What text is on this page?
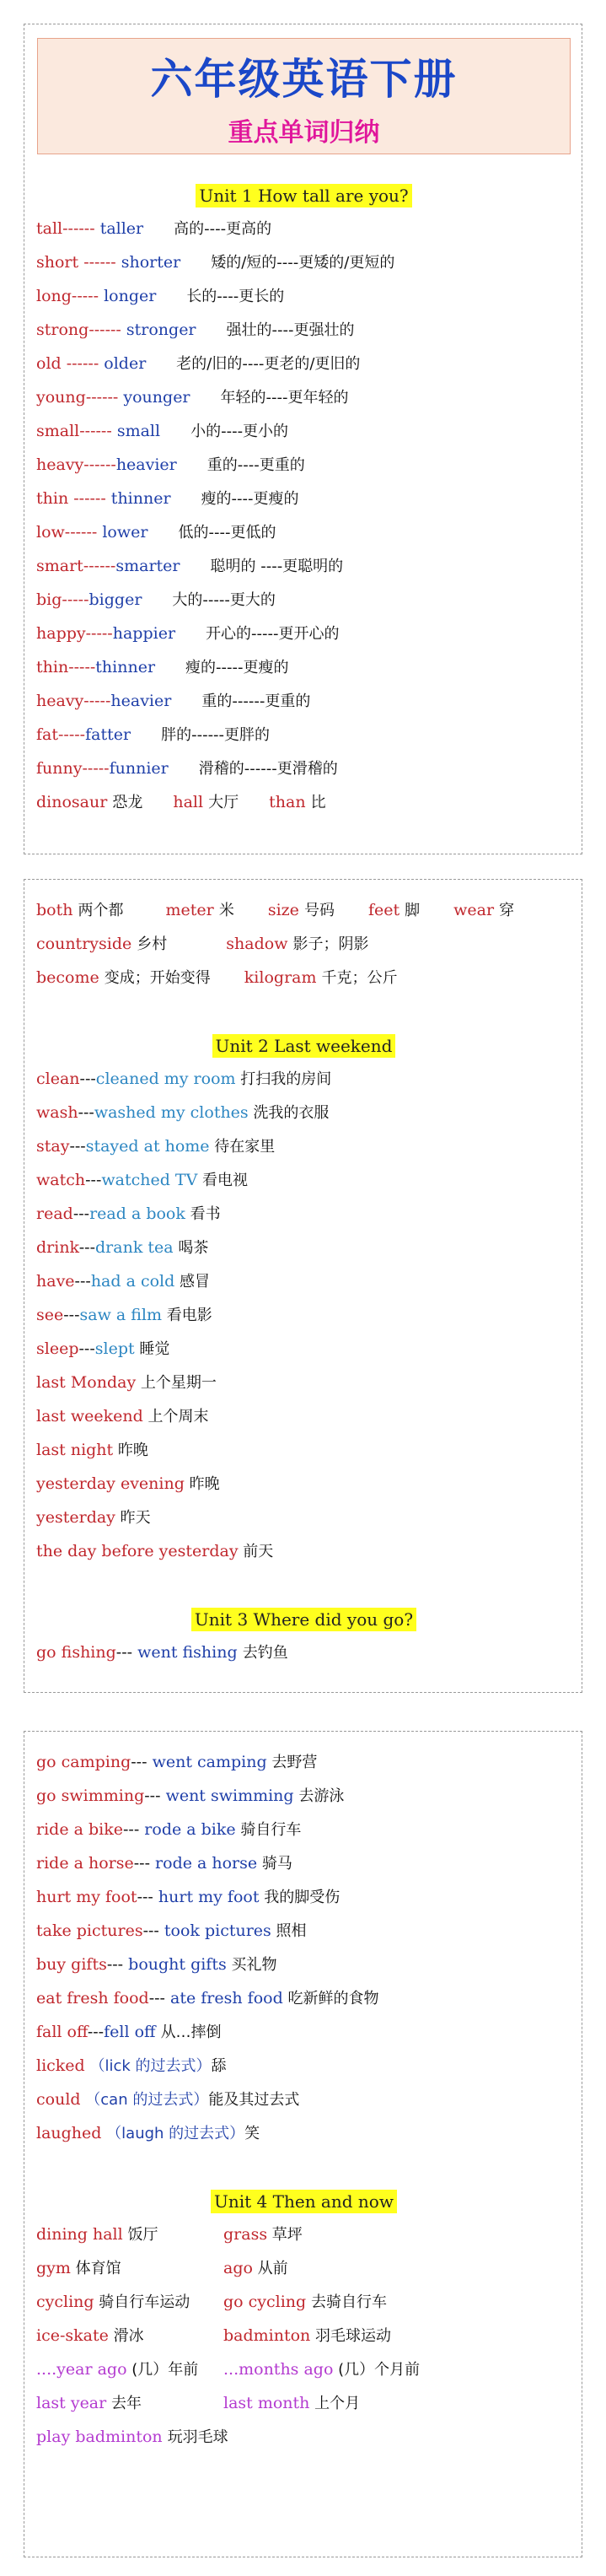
六年级英语下册
重点单词归纳
Unit 1 How tall are you?
tall------ taller 高的----更高的
short ------ shorter 矮的/短的----更矮的/更短的
long----- longer 长的----更长的
strong------ stronger 强壮的----更强壮的
old ------ older 老的/旧的----更老的/更旧的
young------ younger 年轻的----更年轻的
small------ small 小的----更小的
heavy------heavier 重的----更重的
thin ------ thinner 瘦的----更瘦的
low------ lower 低的----更低的
smart------smarter 聪明的 ----更聪明的
big-----bigger 大的-----更大的
happy-----happier 开心的-----更开心的
thin-----thinner 瘦的-----更瘦的
heavy-----heavier 重的------更重的
fat-----fatter 胖的------更胖的
funny-----funnier 滑稽的------更滑稽的
dinosaur 恐龙 hall 大厅 than 比
both 两个都	meter 米 size 号码 feet 脚 wear 穿
countryside 乡村	shadow 影子；阴影
become 变成；开始变得 kilogram 千克；公斤
Unit 2 Last weekend
clean---cleaned my room 打扫我的房间
wash---washed my clothes 洗我的衣服
stay---stayed at home 待在家里
watch---watched TV 看电视
read---read a book 看书
drink---drank tea 喝茶
have---had a cold 感冒
see---saw a film 看电影
sleep---slept 睡觉
last Monday 上个星期一
last weekend 上个周末
last night 昨晚
yesterday evening 昨晚
yesterday 昨天
the day before yesterday 前天
Unit 3 Where did you go?
go fishing--- went fishing 去钓鱼
go camping--- went camping 去野营
go swimming--- went swimming 去游泳
ride a bike--- rode a bike 骑自行车
ride a horse--- rode a horse 骑马
hurt my foot--- hurt my foot 我的脚受伤
take pictures--- took pictures 照相
buy gifts--- bought gifts 买礼物
eat fresh food--- ate fresh food 吃新鲜的食物
fall off---fell off 从…摔倒
licked （lick 的过去式）舔
could （can 的过去式）能及其过去式
laughed （laugh 的过去式）笑
Unit 4 Then and now
dining hall 饭厅	grass 草坪
gym 体育馆	ago 从前
cycling 骑自行车运动 go cycling 去骑自行车
ice-skate 滑冰	badminton 羽毛球运动
....year ago (几）年前 ...months ago (几）个月前
last year 去年	last month 上个月
play badminton 玩羽毛球
